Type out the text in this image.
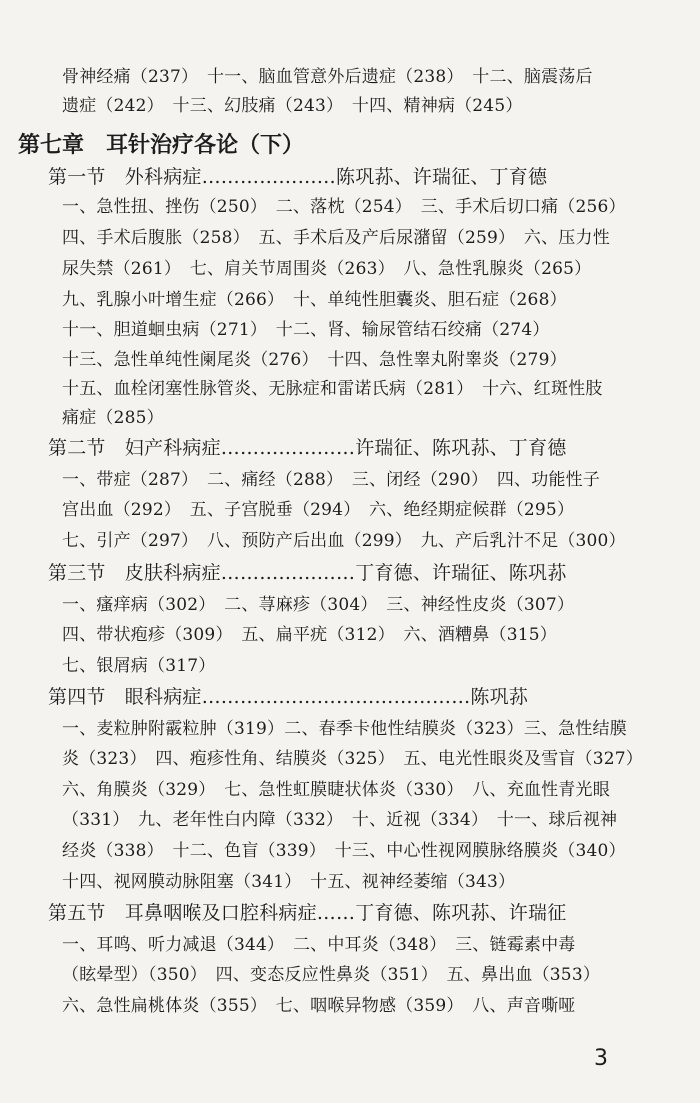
骨神经痛（237）　十一、脑血管意外后遗症（238）　十二、脑震荡后
遗症（242）　十三、幻肢痛（243）　十四、精神病（245）
第七章　耳针治疗各论（下）
第一节　外科病症…………………陈巩荪、许瑞征、丁育德
一、急性扭、挫伤（250）　二、落枕（254）　三、手术后切口痛（256）
四、手术后腹胀（258）　五、手术后及产后尿潴留（259）　六、压力性
尿失禁（261）　七、肩关节周围炎（263）　八、急性乳腺炎（265）
九、乳腺小叶增生症（266）　十、单纯性胆囊炎、胆石症（268）
十一、胆道蛔虫病（271）　十二、肾、输尿管结石绞痛（274）
十三、急性单纯性阑尾炎（276）　十四、急性睾丸附睾炎（279）
十五、血栓闭塞性脉管炎、无脉症和雷诺氏病（281）　十六、红斑性肢
痛症（285）
第二节　妇产科病症…………………许瑞征、陈巩荪、丁育德
一、带症（287）　二、痛经（288）　三、闭经（290）　四、功能性子
宫出血（292）　五、子宫脱垂（294）　六、绝经期症候群（295）
七、引产（297）　八、预防产后出血（299）　九、产后乳汁不足（300）
第三节　皮肤科病症…………………丁育德、许瑞征、陈巩荪
一、瘙痒病（302）　二、荨麻疹（304）　三、神经性皮炎（307）
四、带状疱疹（309）　五、扁平疣（312）　六、酒糟鼻（315）
七、银屑病（317）
第四节　眼科病症……………………………………陈巩荪
一、麦粒肿附霰粒肿（319）二、春季卡他性结膜炎（323）三、急性结膜
炎（323）　四、疱疹性角、结膜炎（325）　五、电光性眼炎及雪盲（327）
六、角膜炎（329）　七、急性虹膜睫状体炎（330）　八、充血性青光眼
（331）　九、老年性白内障（332）　十、近视（334）　十一、球后视神
经炎（338）　十二、色盲（339）　十三、中心性视网膜脉络膜炎（340）
十四、视网膜动脉阻塞（341）　十五、视神经萎缩（343）
第五节　耳鼻咽喉及口腔科病症……丁育德、陈巩荪、许瑞征
一、耳鸣、听力减退（344）　二、中耳炎（348）　三、链霉素中毒
（眩晕型）（350）　四、变态反应性鼻炎（351）　五、鼻出血（353）
六、急性扁桃体炎（355）　七、咽喉异物感（359）　八、声音嘶哑
3
